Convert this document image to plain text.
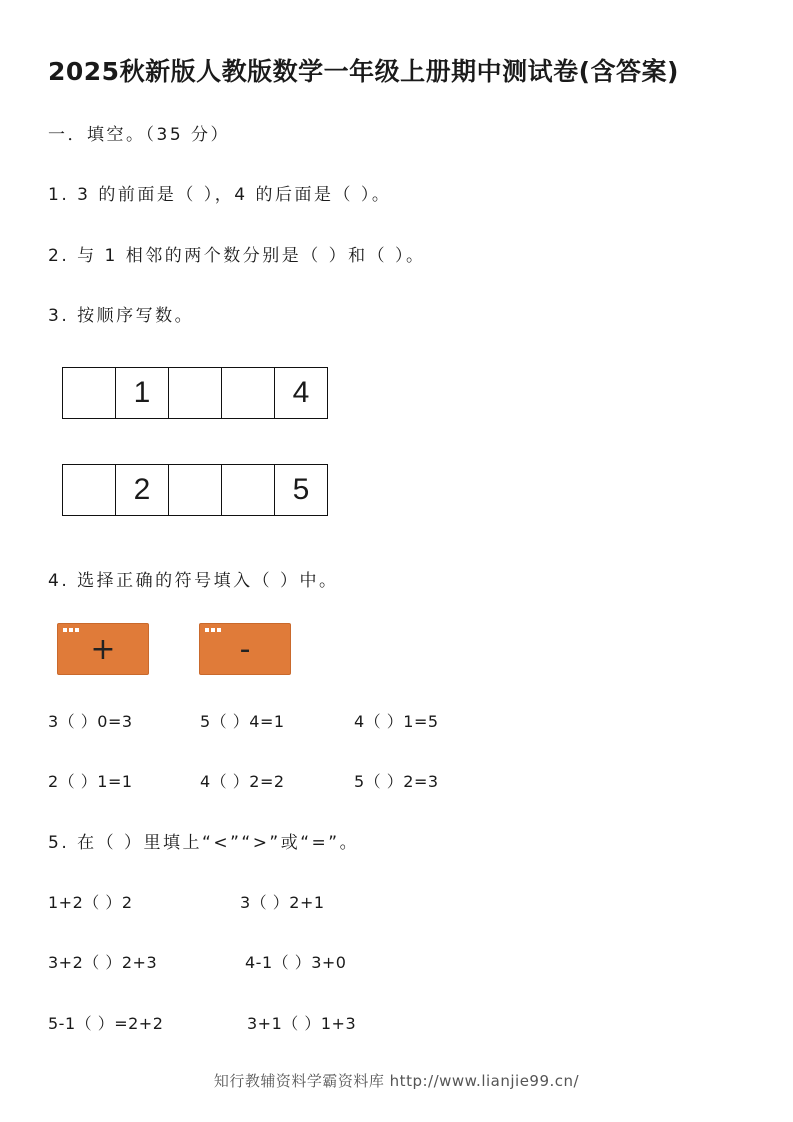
2025秋新版人教版数学一年级上册期中测试卷(含答案)
一．填空。（35 分）
1. 3 的前面是（ ），4 的后面是（ ）。
2. 与 1 相邻的两个数分别是（ ）和（ ）。
3. 按顺序写数。
1	4
2	5
4. 选择正确的符号填入（ ）中。
+	-
3（ ）0=3	5（ ）4=1	4（ ）1=5
2（ ）1=1	4（ ）2=2	5（ ）2=3
5. 在（ ）里填上“<”“>”或“=”。
1+2（ ）2	3（ ）2+1
3+2（ ）2+3	4-1（ ）3+0
5-1（ ）=2+2	3+1（ ）1+3
知行教辅资料学霸资料库 http://www.lianjie99.cn/
